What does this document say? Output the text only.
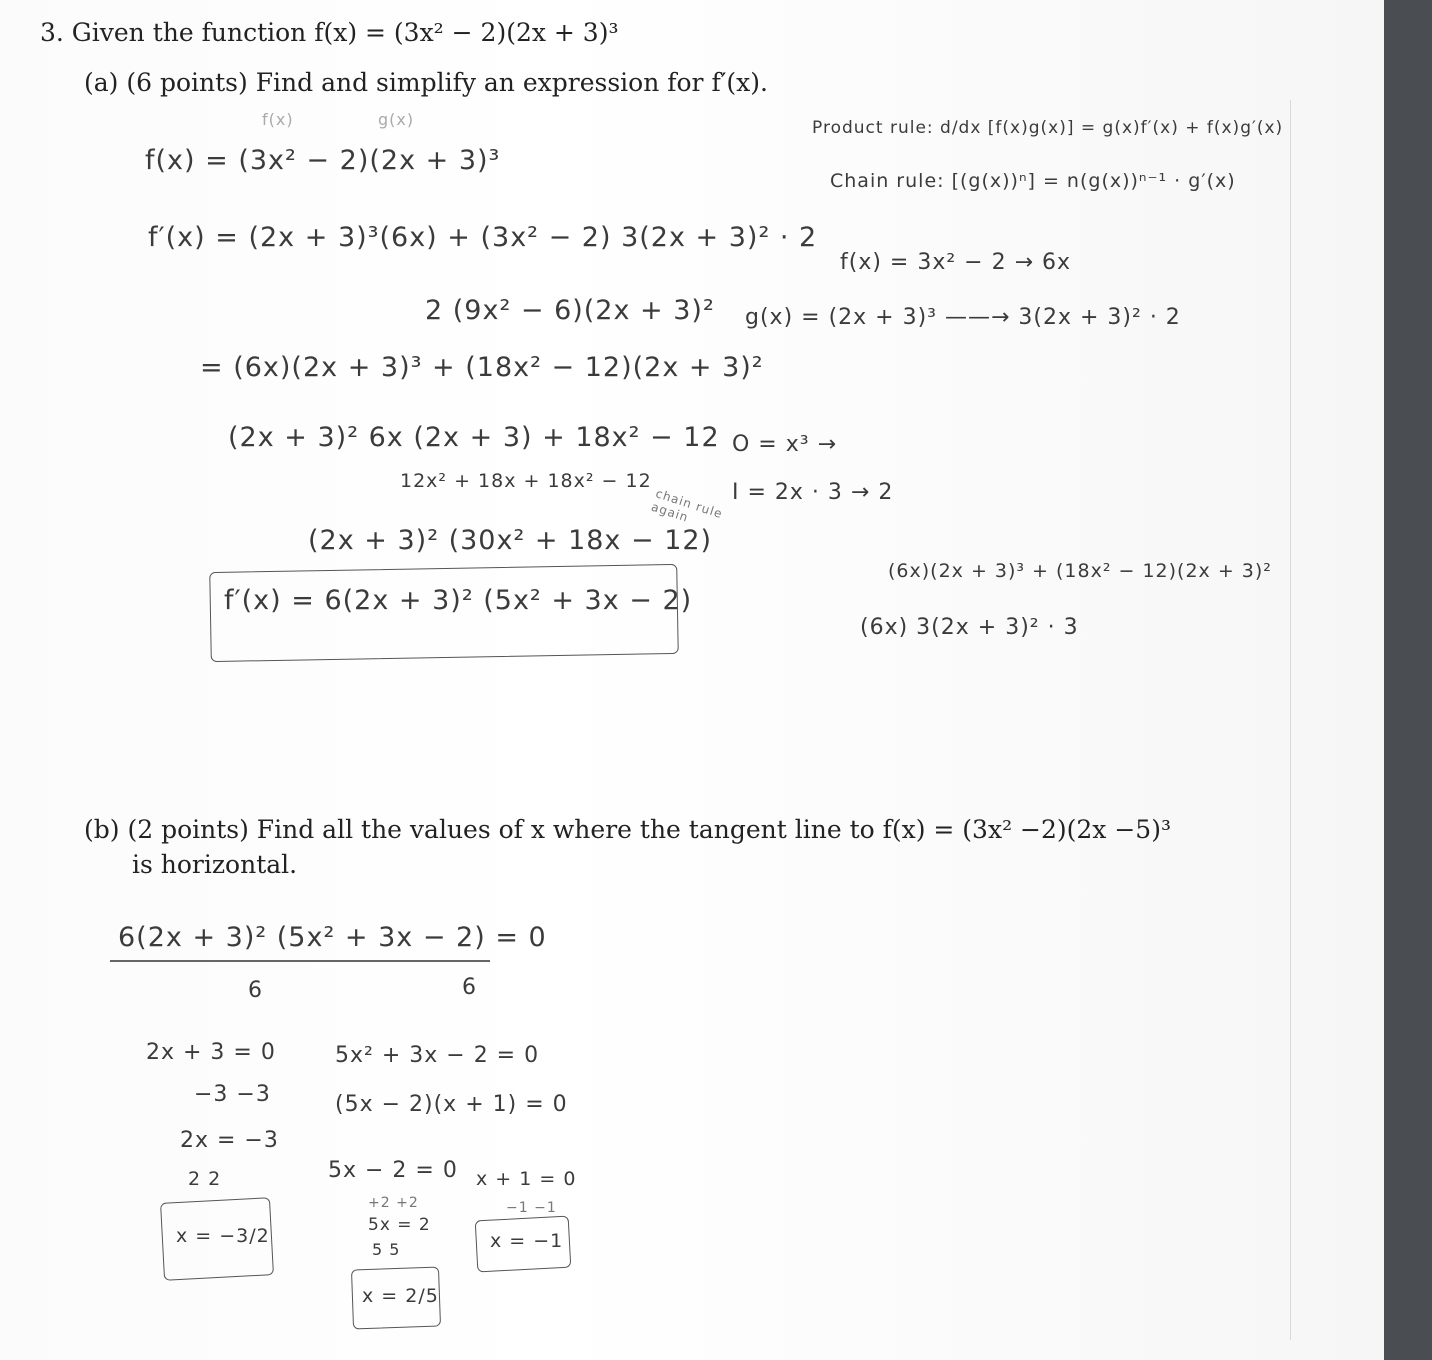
3. Given the function f(x) = (3x² − 2)(2x + 3)³
(a) (6 points) Find and simplify an expression for f′(x).
(b) (2 points) Find all the values of x where the tangent line to f(x) = (3x² −2)(2x −5)³
is horizontal.
f(x)	g(x)
f(x) = (3x² − 2)(2x + 3)³
f′(x) = (2x + 3)³(6x) + (3x² − 2) 3(2x + 3)² · 2
2 (9x² − 6)(2x + 3)²
= (6x)(2x + 3)³ + (18x² − 12)(2x + 3)²
(2x + 3)² 6x (2x + 3) + 18x² − 12
12x² + 18x + 18x² − 12
chain rule again
(2x + 3)² (30x² + 18x − 12)
f′(x) = 6(2x + 3)² (5x² + 3x − 2)
Product rule: d/dx [f(x)g(x)] = g(x)f′(x) + f(x)g′(x)
Chain rule: [(g(x))ⁿ] = n(g(x))ⁿ⁻¹ · g′(x)
f(x) = 3x² − 2 → 6x
g(x) = (2x + 3)³ ——→ 3(2x + 3)² · 2
O = x³ →
I = 2x · 3 → 2
(6x)(2x + 3)³ + (18x² − 12)(2x + 3)²
(6x) 3(2x + 3)² · 3
6(2x + 3)² (5x² + 3x − 2) = 0
6	6
2x + 3 = 0
−3 −3
2x = −3
2 2
x = −3/2
5x² + 3x − 2 = 0
(5x − 2)(x + 1) = 0
5x − 2 = 0
+2 +2
5x = 2
5 5
x = 2/5
x + 1 = 0
−1 −1
x = −1
